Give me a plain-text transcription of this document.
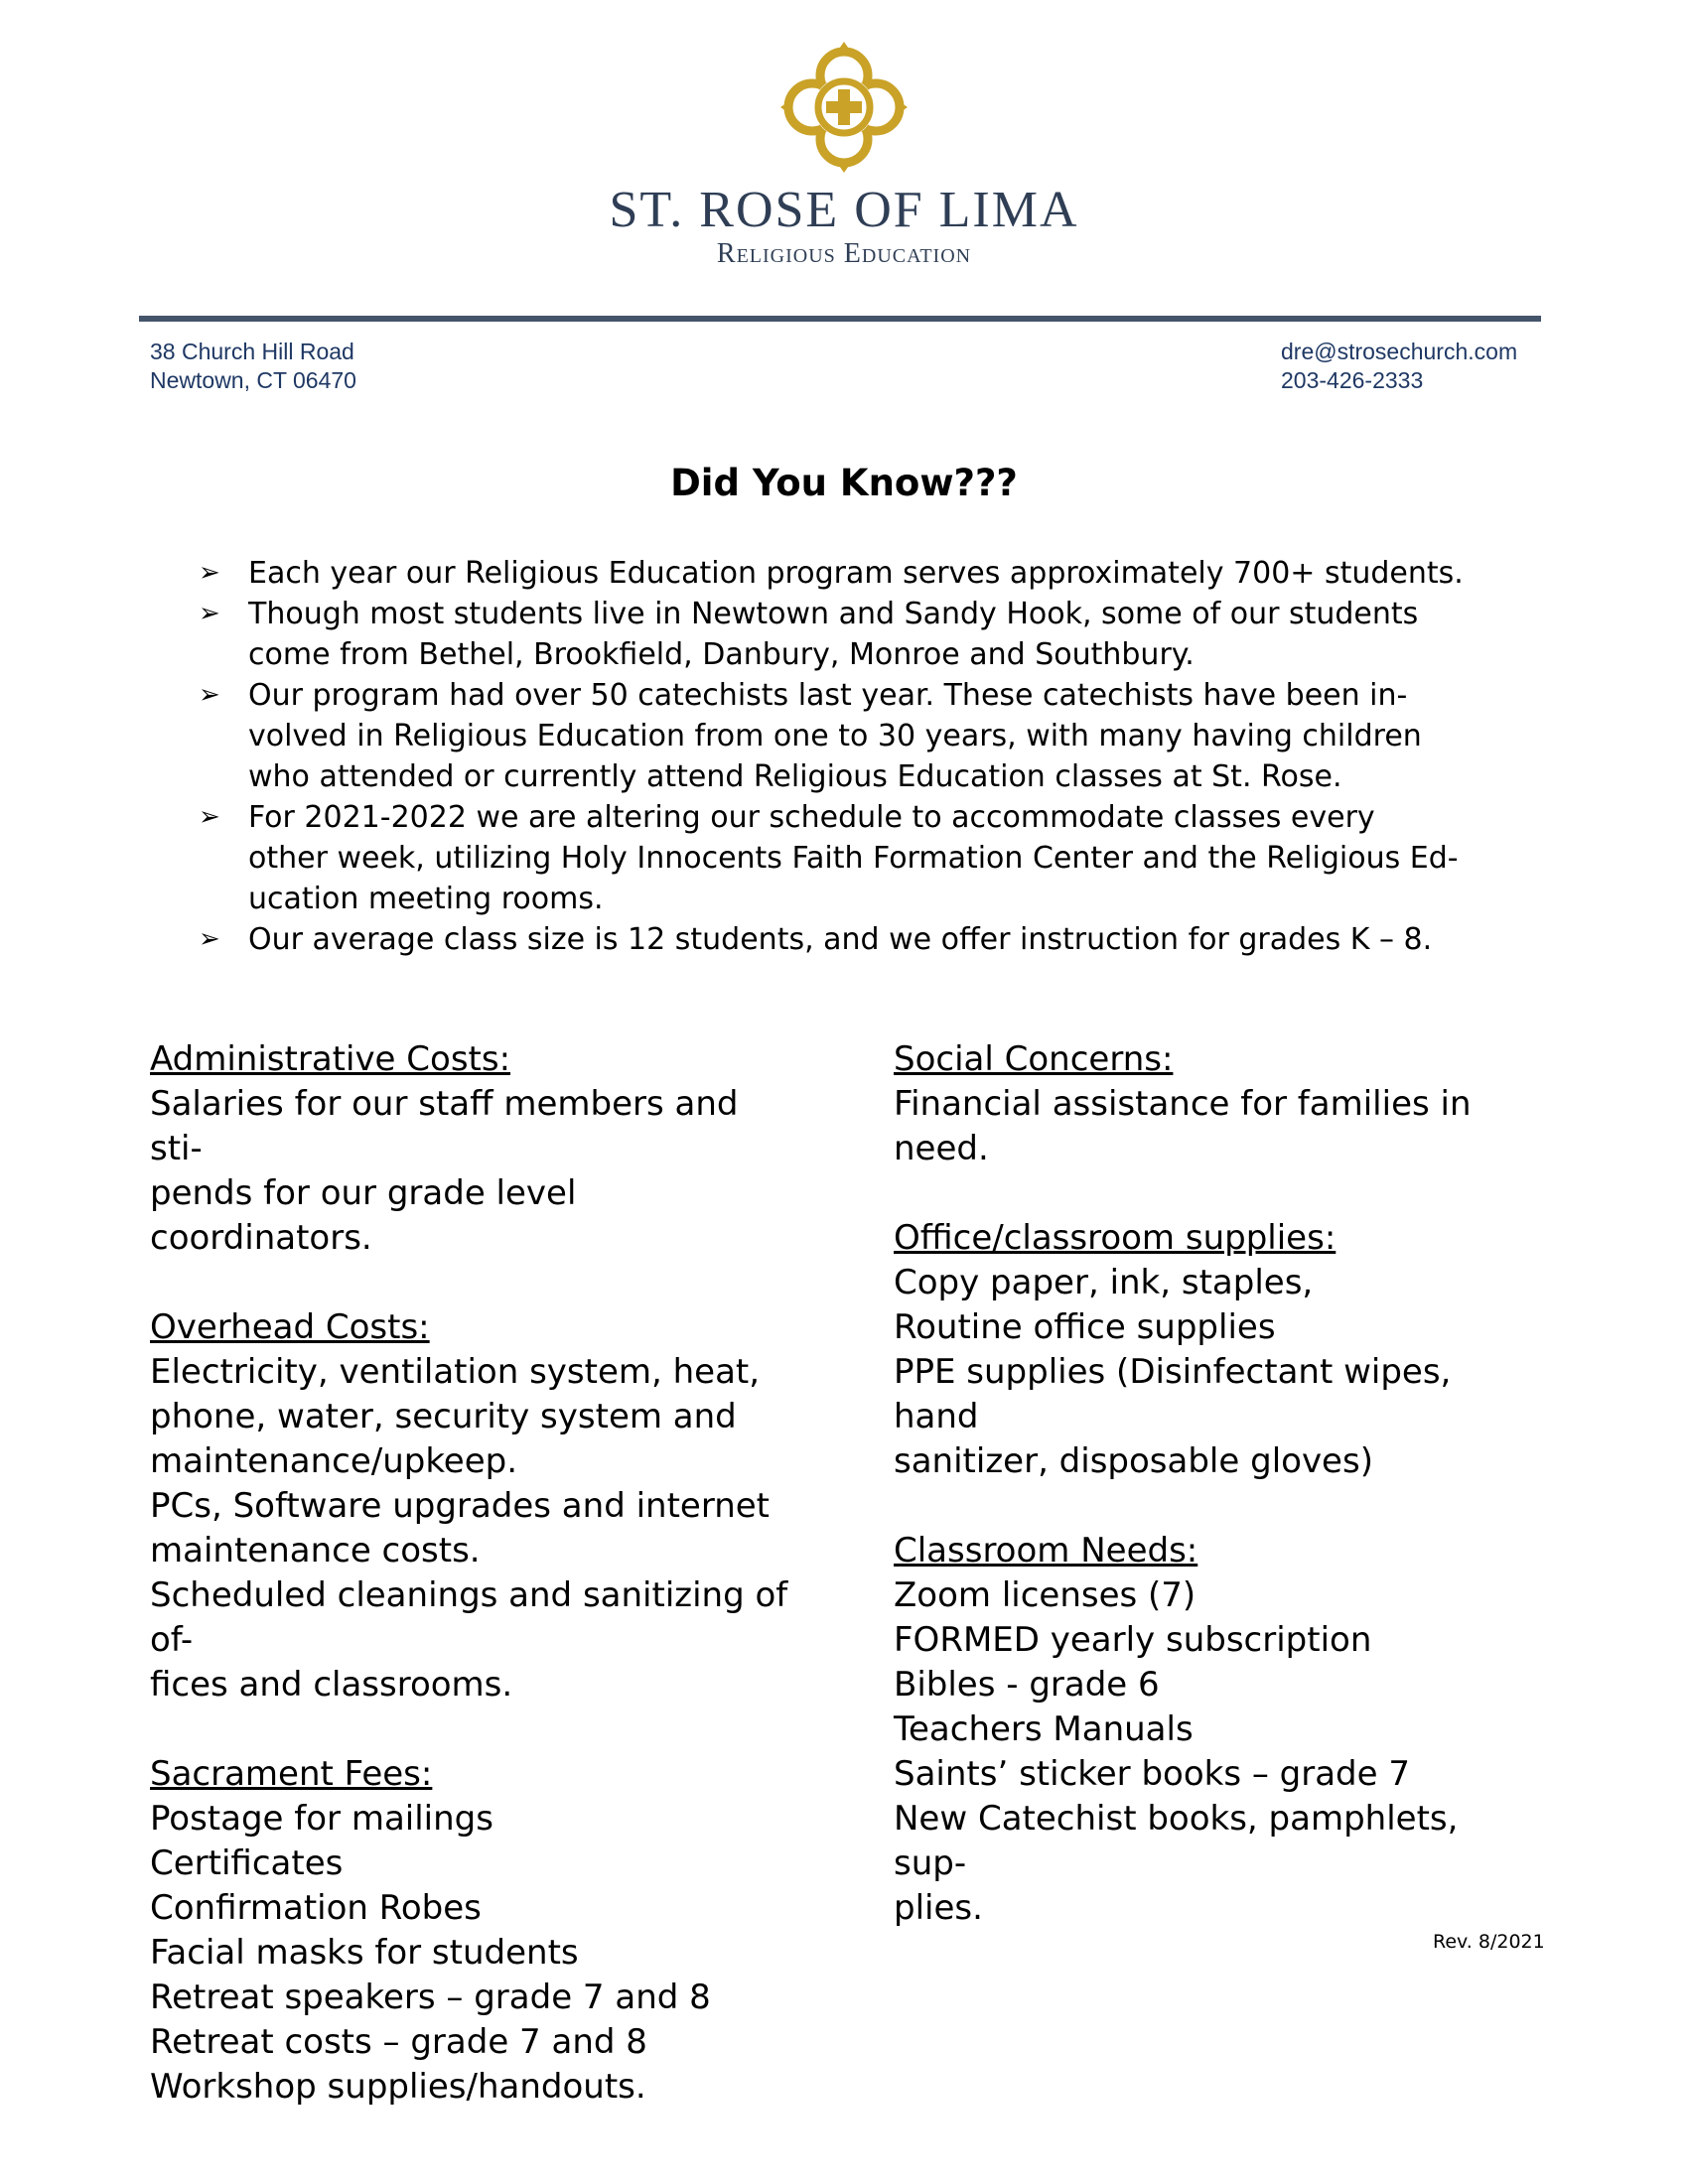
ST. ROSE OF LIMA
Religious Education
38 Church Hill Road
Newtown, CT 06470
dre@strosechurch.com
203-426-2333
Did You Know???
➢ Each year our Religious Education program serves approximately 700+ students.
➢ Though most students live in Newtown and Sandy Hook, some of our students
come from Bethel, Brookfield, Danbury, Monroe and Southbury.
➢ Our program had over 50 catechists last year. These catechists have been in-
volved in Religious Education from one to 30 years, with many having children
who attended or currently attend Religious Education classes at St. Rose.
➢ For 2021-2022 we are altering our schedule to accommodate classes every
other week, utilizing Holy Innocents Faith Formation Center and the Religious Ed-
ucation meeting rooms.
➢ Our average class size is 12 students, and we offer instruction for grades K – 8.
Administrative Costs:
Salaries for our staff members and sti-
pends for our grade level coordinators.
Overhead Costs:
Electricity, ventilation system, heat,
phone, water, security system and
maintenance/upkeep.
PCs, Software upgrades and internet
maintenance costs.
Scheduled cleanings and sanitizing of of-
fices and classrooms.
Sacrament Fees:
Postage for mailings
Certificates
Confirmation Robes
Facial masks for students
Retreat speakers – grade 7 and 8
Retreat costs – grade 7 and 8
Workshop supplies/handouts.
Social Concerns:
Financial assistance for families in need.
Office/classroom supplies:
Copy paper, ink, staples,
Routine office supplies
PPE supplies (Disinfectant wipes, hand
sanitizer, disposable gloves)
Classroom Needs:
Zoom licenses (7)
FORMED yearly subscription
Bibles - grade 6
Teachers Manuals
Saints’ sticker books – grade 7
New Catechist books, pamphlets, sup-
plies.
Rev. 8/2021
